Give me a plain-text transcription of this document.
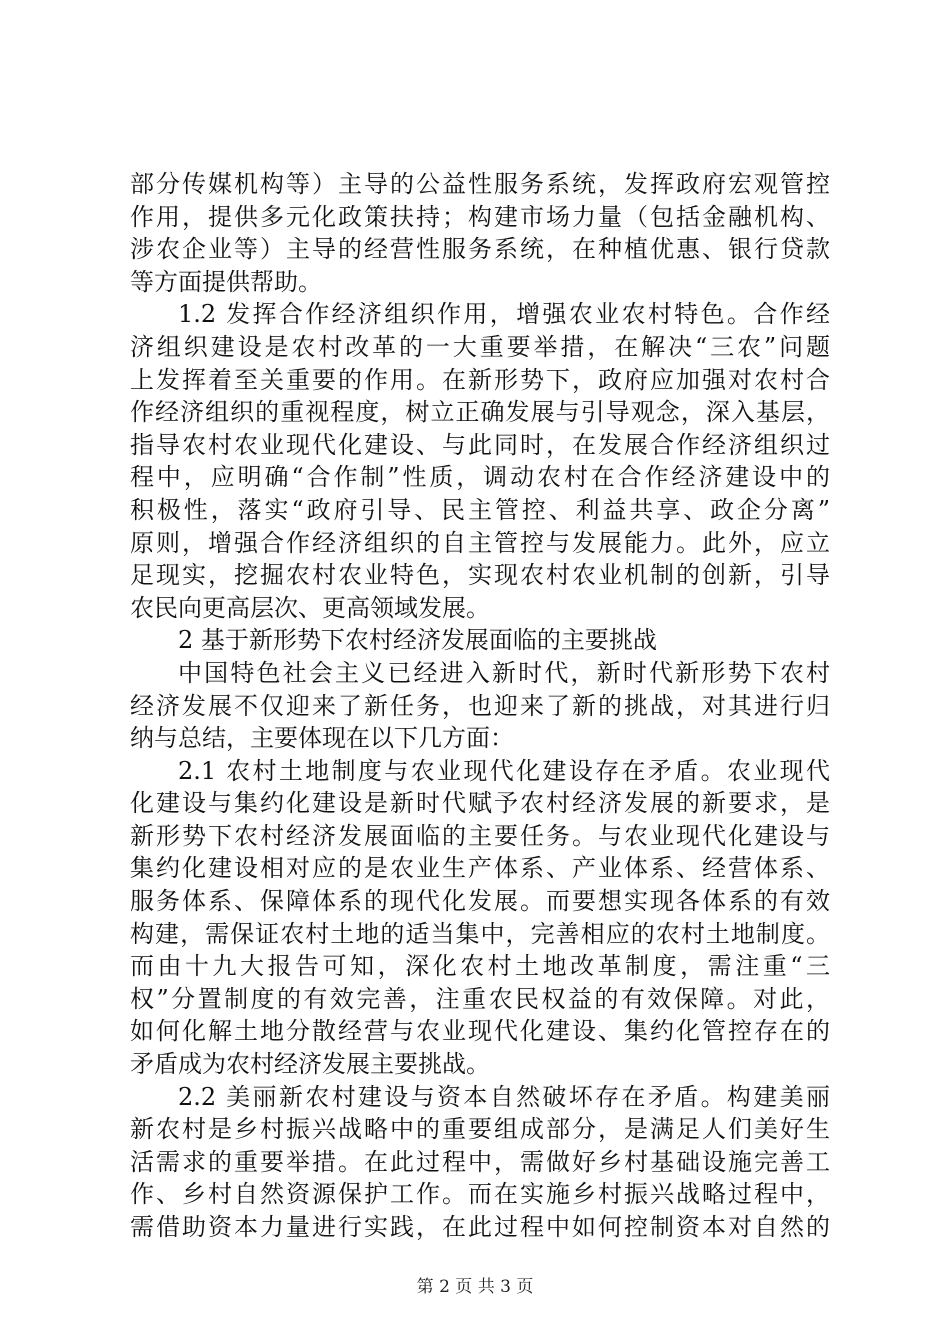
部分传媒机构等）主导的公益性服务系统，发挥政府宏观管控
作用，提供多元化政策扶持；构建市场力量（包括金融机构、
涉农企业等）主导的经营性服务系统，在种植优惠、银行贷款
等方面提供帮助。
1.2 发挥合作经济组织作用，增强农业农村特色。合作经
济组织建设是农村改革的一大重要举措，在解决“三农”问题
上发挥着至关重要的作用。在新形势下，政府应加强对农村合
作经济组织的重视程度，树立正确发展与引导观念，深入基层，
指导农村农业现代化建设、与此同时，在发展合作经济组织过
程中，应明确“合作制”性质，调动农村在合作经济建设中的
积极性，落实“政府引导、民主管控、利益共享、政企分离”
原则，增强合作经济组织的自主管控与发展能力。此外，应立
足现实，挖掘农村农业特色，实现农村农业机制的创新，引导
农民向更高层次、更高领域发展。
2 基于新形势下农村经济发展面临的主要挑战
中国特色社会主义已经进入新时代，新时代新形势下农村
经济发展不仅迎来了新任务，也迎来了新的挑战，对其进行归
纳与总结，主要体现在以下几方面：
2.1 农村土地制度与农业现代化建设存在矛盾。农业现代
化建设与集约化建设是新时代赋予农村经济发展的新要求，是
新形势下农村经济发展面临的主要任务。与农业现代化建设与
集约化建设相对应的是农业生产体系、产业体系、经营体系、
服务体系、保障体系的现代化发展。而要想实现各体系的有效
构建，需保证农村土地的适当集中，完善相应的农村土地制度。
而由十九大报告可知，深化农村土地改革制度，需注重“三
权”分置制度的有效完善，注重农民权益的有效保障。对此，
如何化解土地分散经营与农业现代化建设、集约化管控存在的
矛盾成为农村经济发展主要挑战。
2.2 美丽新农村建设与资本自然破坏存在矛盾。构建美丽
新农村是乡村振兴战略中的重要组成部分，是满足人们美好生
活需求的重要举措。在此过程中，需做好乡村基础设施完善工
作、乡村自然资源保护工作。而在实施乡村振兴战略过程中，
需借助资本力量进行实践，在此过程中如何控制资本对自然的
第 2 页 共 3 页
